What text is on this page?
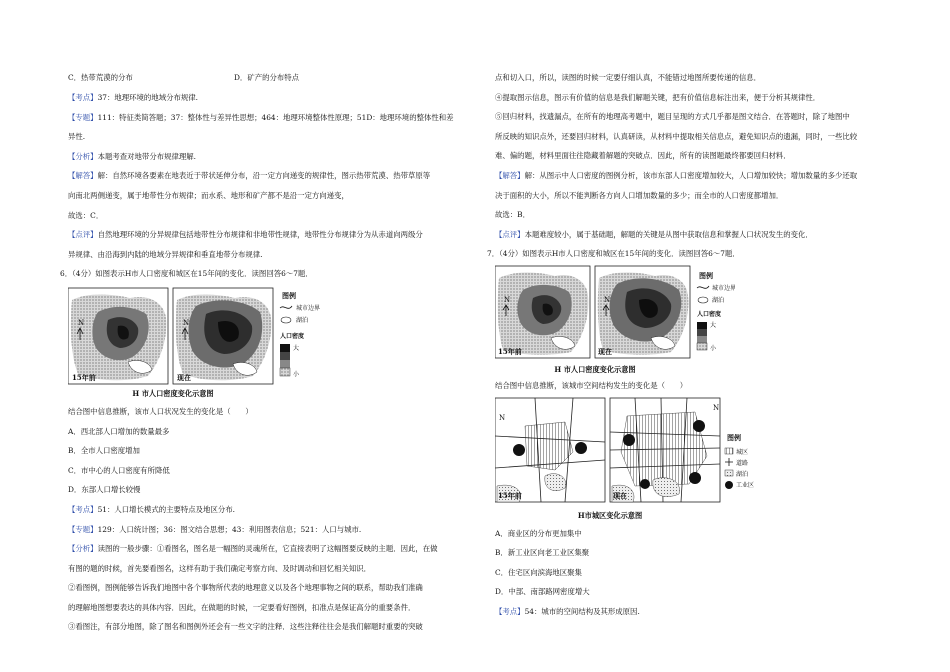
C．热带荒漠的分布	D．矿产的分布特点
【考点】37：地理环境的地域分布规律.
【专题】111：特征类简答题；37：整体性与差异性思想；464：地理环境整体性原理；51D：地理环境的整体性和差
异性.
【分析】本题考查对地带分布规律理解.
【解答】解：自然环境各要素在地表近于带状延伸分布，沿一定方向递变的规律性，图示热带荒漠、热带草原等
向南北两侧递变，属于地带性分布规律；而水系、地形和矿产都不是沿一定方向递变，
故选：C．
【点评】自然地理环境的分异规律包括地带性分布规律和非地带性规律，地带性分布规律分为从赤道向两级分
异规律、由沿海到内陆的地域分异规律和垂直地带分布规律.
6．（4分）如图表示H市人口密度和城区在15年间的变化．读图回答6～7题．
N
15年前
N
现在
图例
城市边界
湖泊
人口密度
大
小
H 市人口密度变化示意图
结合图中信息推断，该市人口状况发生的变化是（　　）
A．西北部人口增加的数量最多
B．全市人口密度增加
C．市中心的人口密度有所降低
D．东部人口增长较慢
【考点】51：人口增长模式的主要特点及地区分布.
【专题】129：人口统计图；36：图文结合思想；43：利用图表信息；521：人口与城市.
【分析】读图的一般步骤：①看图名，图名是一幅图的灵魂所在，它直接表明了这幅图要反映的主题．因此，在做
有图的题的时候，首先要看图名，这样有助于我们确定考察方向、及时调动和回忆相关知识．
②看图例，图例能够告诉我们地图中各个事物所代表的地理意义以及各个地理事物之间的联系，帮助我们准确
的理解地图想要表达的具体内容．因此，在做题的时候，一定要看好图例，扣准点是保证高分的重要条件．
③看图注，有部分地图，除了图名和图例外还会有一些文字的注释．这些注释往往会是我们解题时重要的突破
点和切入口，所以，读图的时候一定要仔细认真，不能错过地图所要传递的信息．
④提取图示信息，图示有价值的信息是我们解题关键，把有价值信息标注出来，便于分析其规律性．
⑤回归材料，找遗漏点，在所有的地理高考题中，题目呈现的方式几乎都是图文结合．在答题时，除了地图中
所反映的知识点外，还要回归材料，认真研读，从材料中提取相关信息点，避免知识点的遗漏，同时，一些比较
难、偏的题，材料里面往往隐藏着解题的突破点．因此，所有的读图题最终都要回归材料．
【解答】解：从图示中人口密度的图例分析，该市东部人口密度增加较大，人口增加较快；增加数量的多少还取
决于面积的大小，所以不能判断各方向人口增加数量的多少；而全市的人口密度都增加．
故选：B．
【点评】本题难度较小，属于基础题，解题的关键是从图中获取信息和掌握人口状况发生的变化．
7．（4分）如图表示H市人口密度和城区在15年间的变化．读图回答6～7题．
N
15年前
N
现在
图例
城市边界
湖泊
人口密度
大
小
H 市人口密度变化示意图
结合图中信息推断，该城市空间结构发生的变化是（　　）
N
15年前
N
现在
图例
城区
道路
湖泊
工业区
H市城区变化示意图
A．商业区的分布更加集中
B．新工业区向老工业区集聚
C．住宅区向滨海地区聚集
D．中部、南部路网密度增大
【考点】54：城市的空间结构及其形成原因.
